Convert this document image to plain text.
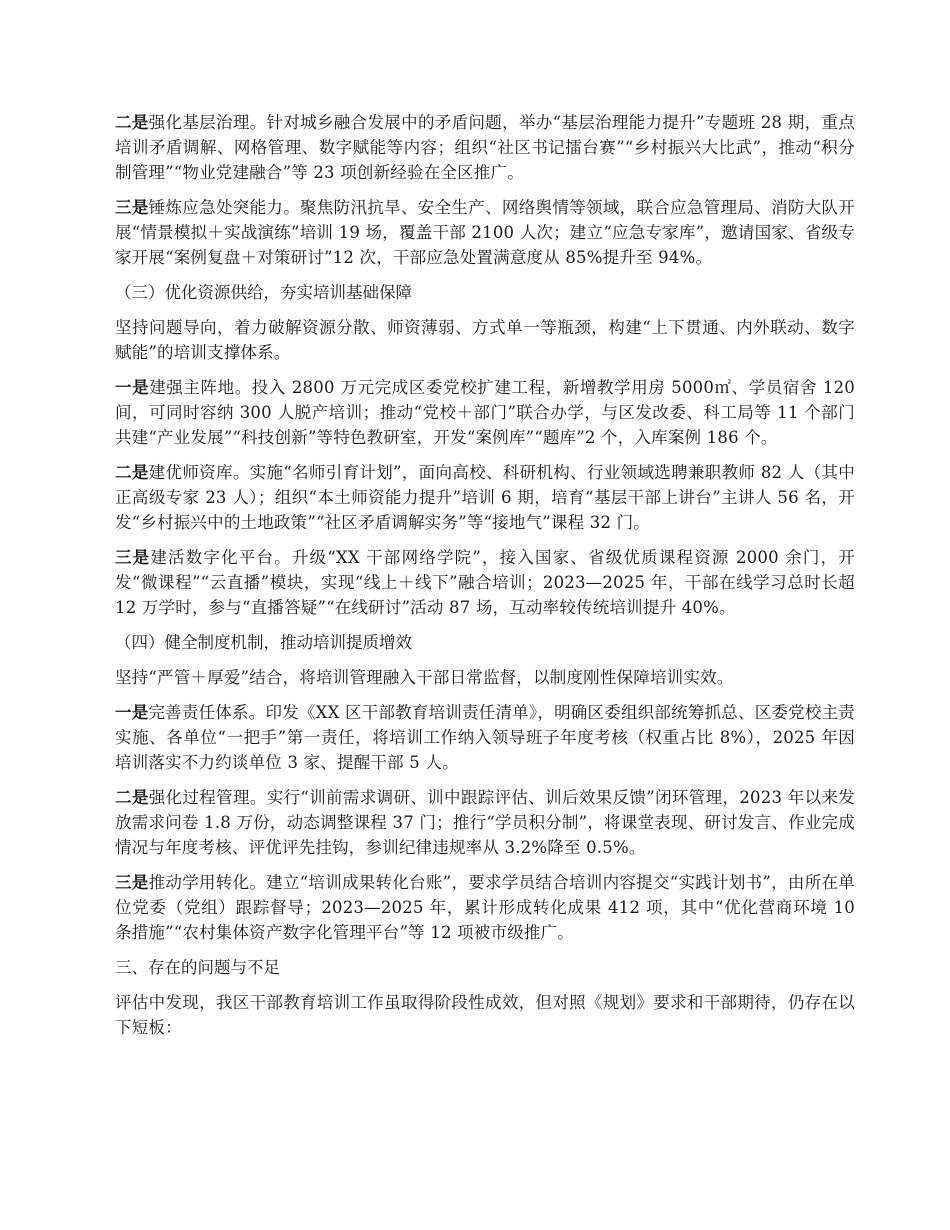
二是强化基层治理。针对城乡融合发展中的矛盾问题，举办“基层治理能力提升”专题班 28 期，重点培训矛盾调解、网格管理、数字赋能等内容；组织“社区书记擂台赛”“乡村振兴大比武”，推动“积分制管理”“物业党建融合”等 23 项创新经验在全区推广。

三是锤炼应急处突能力。聚焦防汛抗旱、安全生产、网络舆情等领域，联合应急管理局、消防大队开展“情景模拟＋实战演练”培训 19 场，覆盖干部 2100 人次；建立“应急专家库”，邀请国家、省级专家开展“案例复盘＋对策研讨”12 次，干部应急处置满意度从 85%提升至 94%。

（三）优化资源供给，夯实培训基础保障

坚持问题导向，着力破解资源分散、师资薄弱、方式单一等瓶颈，构建“上下贯通、内外联动、数字赋能”的培训支撑体系。

一是建强主阵地。投入 2800 万元完成区委党校扩建工程，新增教学用房 5000㎡、学员宿舍 120 间，可同时容纳 300 人脱产培训；推动“党校＋部门”联合办学，与区发改委、科工局等 11 个部门共建“产业发展”“科技创新”等特色教研室，开发“案例库”“题库”2 个，入库案例 186 个。

二是建优师资库。实施“名师引育计划”，面向高校、科研机构、行业领域选聘兼职教师 82 人（其中正高级专家 23 人）；组织“本土师资能力提升”培训 6 期，培育“基层干部上讲台”主讲人 56 名，开发“乡村振兴中的土地政策”“社区矛盾调解实务”等“接地气”课程 32 门。

三是建活数字化平台。升级“XX 干部网络学院”，接入国家、省级优质课程资源 2000 余门，开发“微课程”“云直播”模块，实现“线上＋线下”融合培训；2023—2025 年，干部在线学习总时长超 12 万学时，参与“直播答疑”“在线研讨”活动 87 场，互动率较传统培训提升 40%。

（四）健全制度机制，推动培训提质增效

坚持“严管＋厚爱”结合，将培训管理融入干部日常监督，以制度刚性保障培训实效。

一是完善责任体系。印发《XX 区干部教育培训责任清单》，明确区委组织部统筹抓总、区委党校主责实施、各单位“一把手”第一责任，将培训工作纳入领导班子年度考核（权重占比 8%），2025 年因培训落实不力约谈单位 3 家、提醒干部 5 人。

二是强化过程管理。实行“训前需求调研、训中跟踪评估、训后效果反馈”闭环管理，2023 年以来发放需求问卷 1.8 万份，动态调整课程 37 门；推行“学员积分制”，将课堂表现、研讨发言、作业完成情况与年度考核、评优评先挂钩，参训纪律违规率从 3.2%降至 0.5%。

三是推动学用转化。建立“培训成果转化台账”，要求学员结合培训内容提交“实践计划书”，由所在单位党委（党组）跟踪督导；2023—2025 年，累计形成转化成果 412 项，其中“优化营商环境 10 条措施”“农村集体资产数字化管理平台”等 12 项被市级推广。

三、存在的问题与不足

评估中发现，我区干部教育培训工作虽取得阶段性成效，但对照《规划》要求和干部期待，仍存在以下短板：
